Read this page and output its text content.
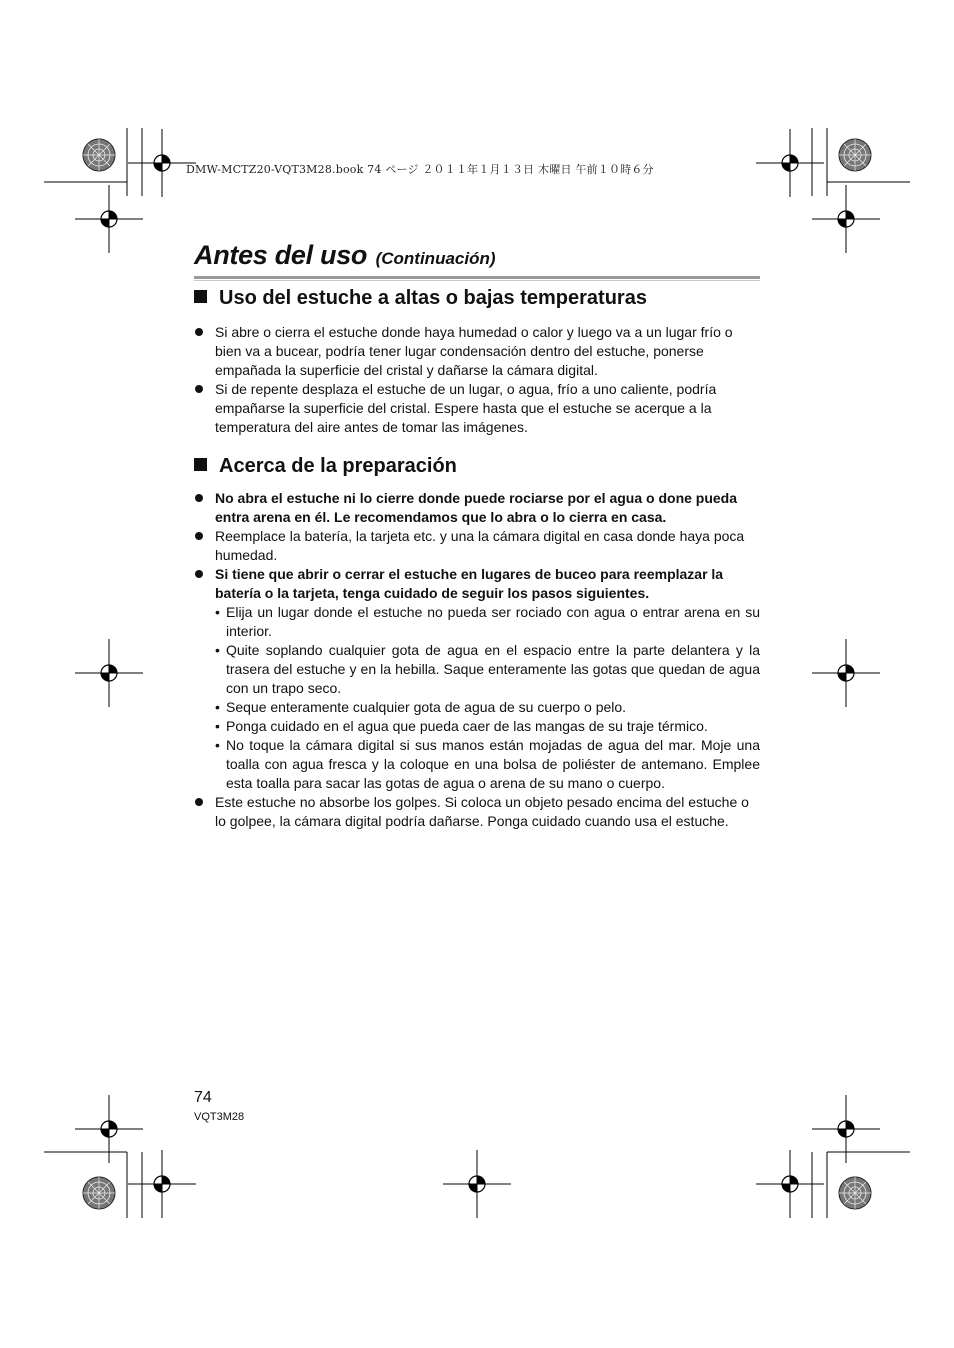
DMW-MCTZ20-VQT3M28.book 74 ページ ２０１１年１月１３日 木曜日 午前１０時６分
Antes del uso (Continuación)
Uso del estuche a altas o bajas temperaturas
Si abre o cierra el estuche donde haya humedad o calor y luego va a un lugar frío o bien va a bucear, podría tener lugar condensación dentro del estuche, ponerse empañada la superficie del cristal y dañarse la cámara digital.
Si de repente desplaza el estuche de un lugar, o agua, frío a uno caliente, podría empañarse la superficie del cristal. Espere hasta que el estuche se acerque a la temperatura del aire antes de tomar las imágenes.
Acerca de la preparación
No abra el estuche ni lo cierre donde puede rociarse por el agua o done pueda entra arena en él. Le recomendamos que lo abra o lo cierra en casa.
Reemplace la batería, la tarjeta etc. y una la cámara digital en casa donde haya poca humedad.
Si tiene que abrir o cerrar el estuche en lugares de buceo para reemplazar la batería o la tarjeta, tenga cuidado de seguir los pasos siguientes.
• Elija un lugar donde el estuche no pueda ser rociado con agua o entrar arena en su interior.
• Quite soplando cualquier gota de agua en el espacio entre la parte delantera y la trasera del estuche y en la hebilla. Saque enteramente las gotas que quedan de agua con un trapo seco.
• Seque enteramente cualquier gota de agua de su cuerpo o pelo.
• Ponga cuidado en el agua que pueda caer de las mangas de su traje térmico.
• No toque la cámara digital si sus manos están mojadas de agua del mar. Moje una toalla con agua fresca y la coloque en una bolsa de poliéster de antemano. Emplee esta toalla para sacar las gotas de agua o arena de su mano o cuerpo.
Este estuche no absorbe los golpes. Si coloca un objeto pesado encima del estuche o lo golpee, la cámara digital podría dañarse. Ponga cuidado cuando usa el estuche.
74
VQT3M28
